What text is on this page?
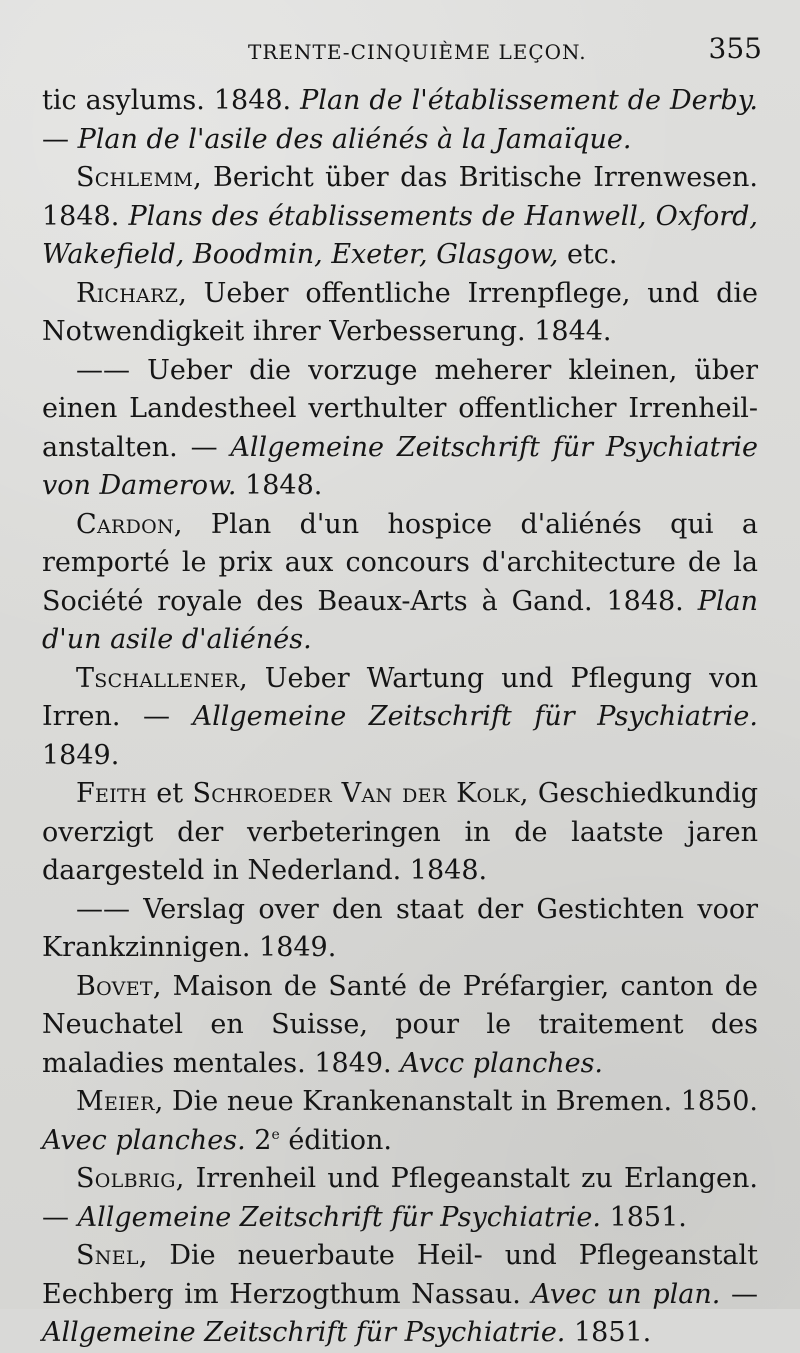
TRENTE-CINQUIÈME LEÇON.	355

tic asylums. 1848. Plan de l'établissement de Derby. — Plan de l'asile des aliénés à la Jamaïque.

Schlemm, Bericht über das Britische Irrenwesen. 1848. Plans des établissements de Hanwell, Oxford, Wakefield, Boodmin, Exeter, Glasgow, etc.

Richarz, Ueber offentliche Irrenpflege, und die Notwendigkeit ihrer Verbesserung. 1844.

—— Ueber die vorzuge meherer kleinen, über einen Landestheel verthulter offentlicher Irrenheil-anstalten. — Allgemeine Zeitschrift für Psychiatrie von Damerow. 1848.

Cardon, Plan d'un hospice d'aliénés qui a remporté le prix aux concours d'architecture de la Société royale des Beaux-Arts à Gand. 1848. Plan d'un asile d'aliénés.

Tschallener, Ueber Wartung und Pflegung von Irren. — Allgemeine Zeitschrift für Psychiatrie. 1849.

Feith et Schroeder Van der Kolk, Geschiedkundig overzigt der verbeteringen in de laatste jaren daargesteld in Nederland. 1848.

—— Verslag over den staat der Gestichten voor Krankzinnigen. 1849.

Bovet, Maison de Santé de Préfargier, canton de Neuchatel en Suisse, pour le traitement des maladies mentales. 1849. Avcc planches.

Meier, Die neue Krankenanstalt in Bremen. 1850. Avec planches. 2e édition.

Solbrig, Irrenheil und Pflegeanstalt zu Erlangen. — Allgemeine Zeitschrift für Psychiatrie. 1851.

Snel, Die neuerbaute Heil- und Pflegeanstalt Eechberg im Herzogthum Nassau. Avec un plan. — Allgemeine Zeitschrift für Psychiatrie. 1851.
